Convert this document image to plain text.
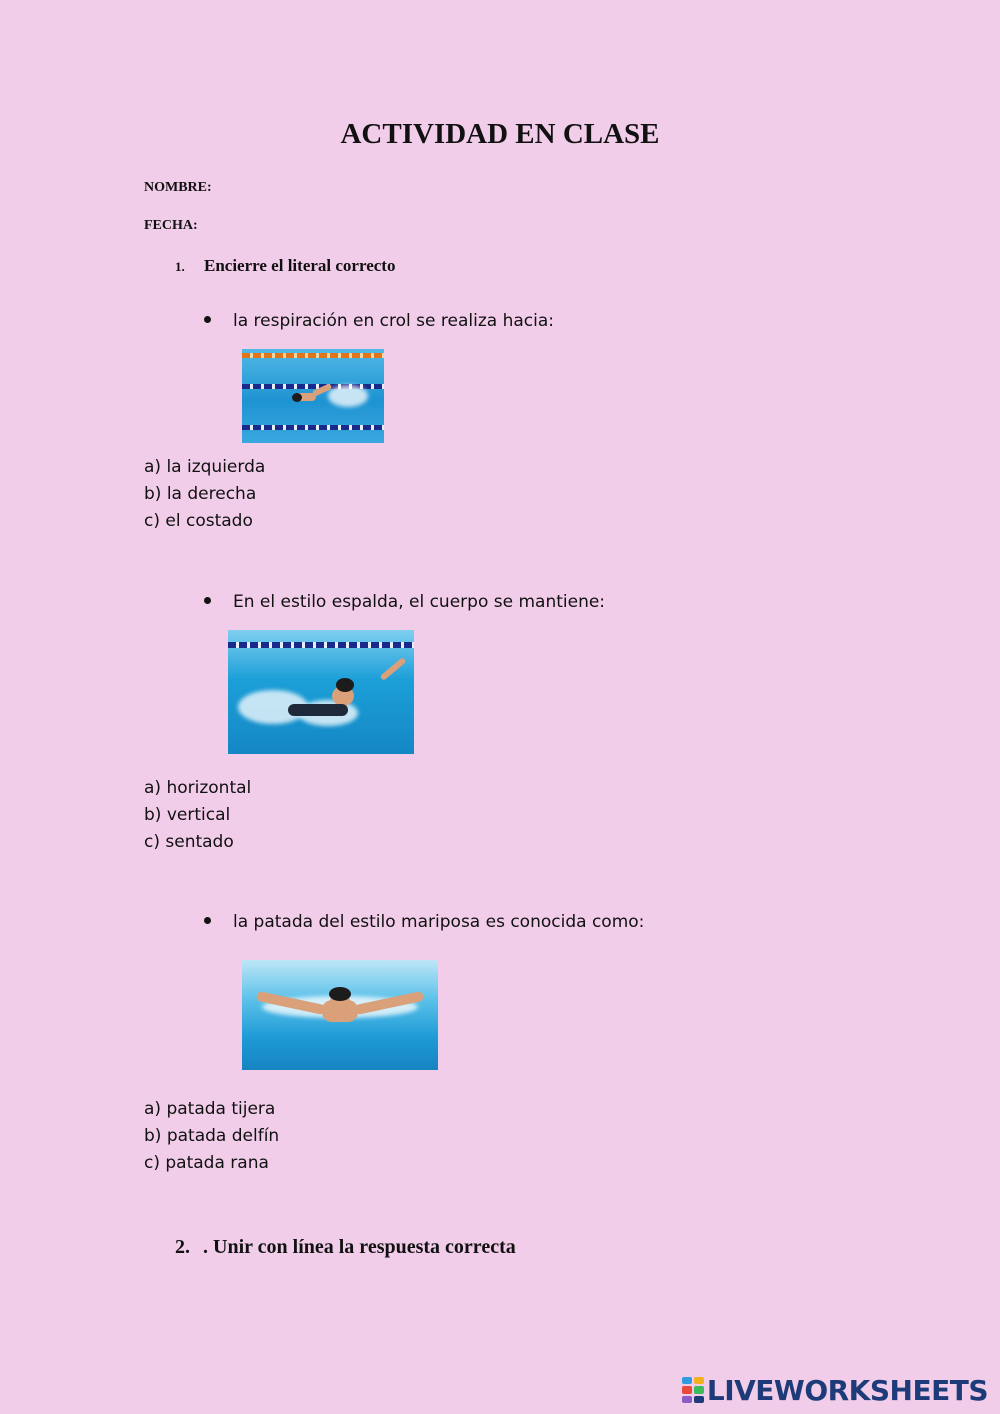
ACTIVIDAD EN CLASE
NOMBRE:
FECHA:
1. Encierre el literal correcto
la respiración en crol se realiza hacia:
a) la izquierda
b) la derecha
c) el costado
En el estilo espalda, el cuerpo se mantiene:
a) horizontal
b) vertical
c) sentado
la patada del estilo mariposa es conocida como:
a) patada tijera
b) patada delfín
c) patada rana
2. . Unir con línea la respuesta correcta
LIVEWORKSHEETS
